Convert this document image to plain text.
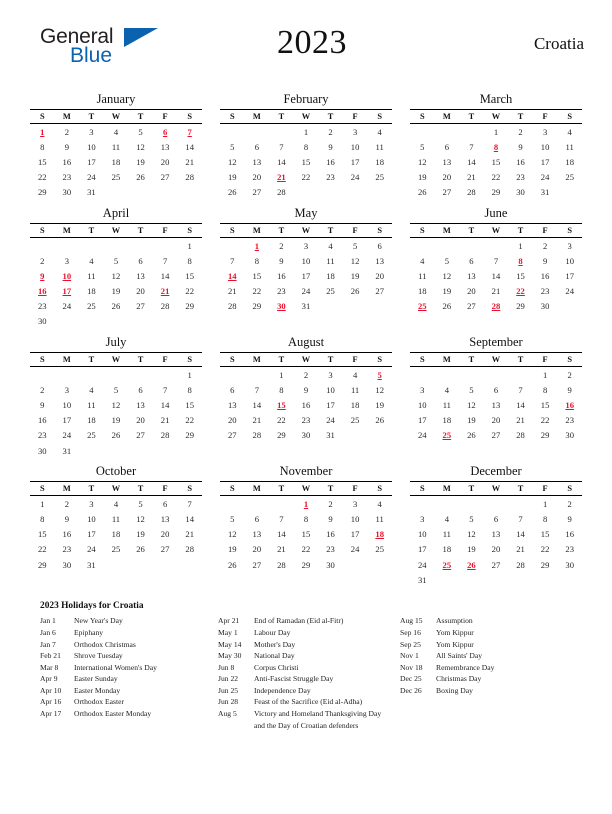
General
Blue	2023	Croatia
January
S	M	T	W	T	F	S
1	2	3	4	5	6	7
8	9	10	11	12	13	14
15	16	17	18	19	20	21
22	23	24	25	26	27	28
29	30	31				
February
S	M	T	W	T	F	S
			1	2	3	4
5	6	7	8	9	10	11
12	13	14	15	16	17	18
19	20	21	22	23	24	25
26	27	28				
March
S	M	T	W	T	F	S
			1	2	3	4
5	6	7	8	9	10	11
12	13	14	15	16	17	18
19	20	21	22	23	24	25
26	27	28	29	30	31	
April
S	M	T	W	T	F	S
						1
2	3	4	5	6	7	8
9	10	11	12	13	14	15
16	17	18	19	20	21	22
23	24	25	26	27	28	29
30						
May
S	M	T	W	T	F	S
	1	2	3	4	5	6
7	8	9	10	11	12	13
14	15	16	17	18	19	20
21	22	23	24	25	26	27
28	29	30	31			
June
S	M	T	W	T	F	S
				1	2	3
4	5	6	7	8	9	10
11	12	13	14	15	16	17
18	19	20	21	22	23	24
25	26	27	28	29	30	
July
S	M	T	W	T	F	S
						1
2	3	4	5	6	7	8
9	10	11	12	13	14	15
16	17	18	19	20	21	22
23	24	25	26	27	28	29
30	31					
August
S	M	T	W	T	F	S
		1	2	3	4	5
6	7	8	9	10	11	12
13	14	15	16	17	18	19
20	21	22	23	24	25	26
27	28	29	30	31		
September
S	M	T	W	T	F	S
					1	2
3	4	5	6	7	8	9
10	11	12	13	14	15	16
17	18	19	20	21	22	23
24	25	26	27	28	29	30
October
S	M	T	W	T	F	S
1	2	3	4	5	6	7
8	9	10	11	12	13	14
15	16	17	18	19	20	21
22	23	24	25	26	27	28
29	30	31				
November
S	M	T	W	T	F	S
			1	2	3	4
5	6	7	8	9	10	11
12	13	14	15	16	17	18
19	20	21	22	23	24	25
26	27	28	29	30		
December
S	M	T	W	T	F	S
					1	2
3	4	5	6	7	8	9
10	11	12	13	14	15	16
17	18	19	20	21	22	23
24	25	26	27	28	29	30
31						
2023 Holidays for Croatia
Jan 1	New Year's Day
Jan 6	Epiphany
Jan 7	Orthodox Christmas
Feb 21	Shrove Tuesday
Mar 8	International Women's Day
Apr 9	Easter Sunday
Apr 10	Easter Monday
Apr 16	Orthodox Easter
Apr 17	Orthodox Easter Monday
Apr 21	End of Ramadan (Eid al-Fitr)
May 1	Labour Day
May 14	Mother's Day
May 30	National Day
Jun 8	Corpus Christi
Jun 22	Anti-Fascist Struggle Day
Jun 25	Independence Day
Jun 28	Feast of the Sacrifice (Eid al-Adha)
Aug 5	Victory and Homeland Thanksgiving Day and the Day of Croatian defenders
Aug 15	Assumption
Sep 16	Yom Kippur
Sep 25	Yom Kippur
Nov 1	All Saints' Day
Nov 18	Remembrance Day
Dec 25	Christmas Day
Dec 26	Boxing Day
